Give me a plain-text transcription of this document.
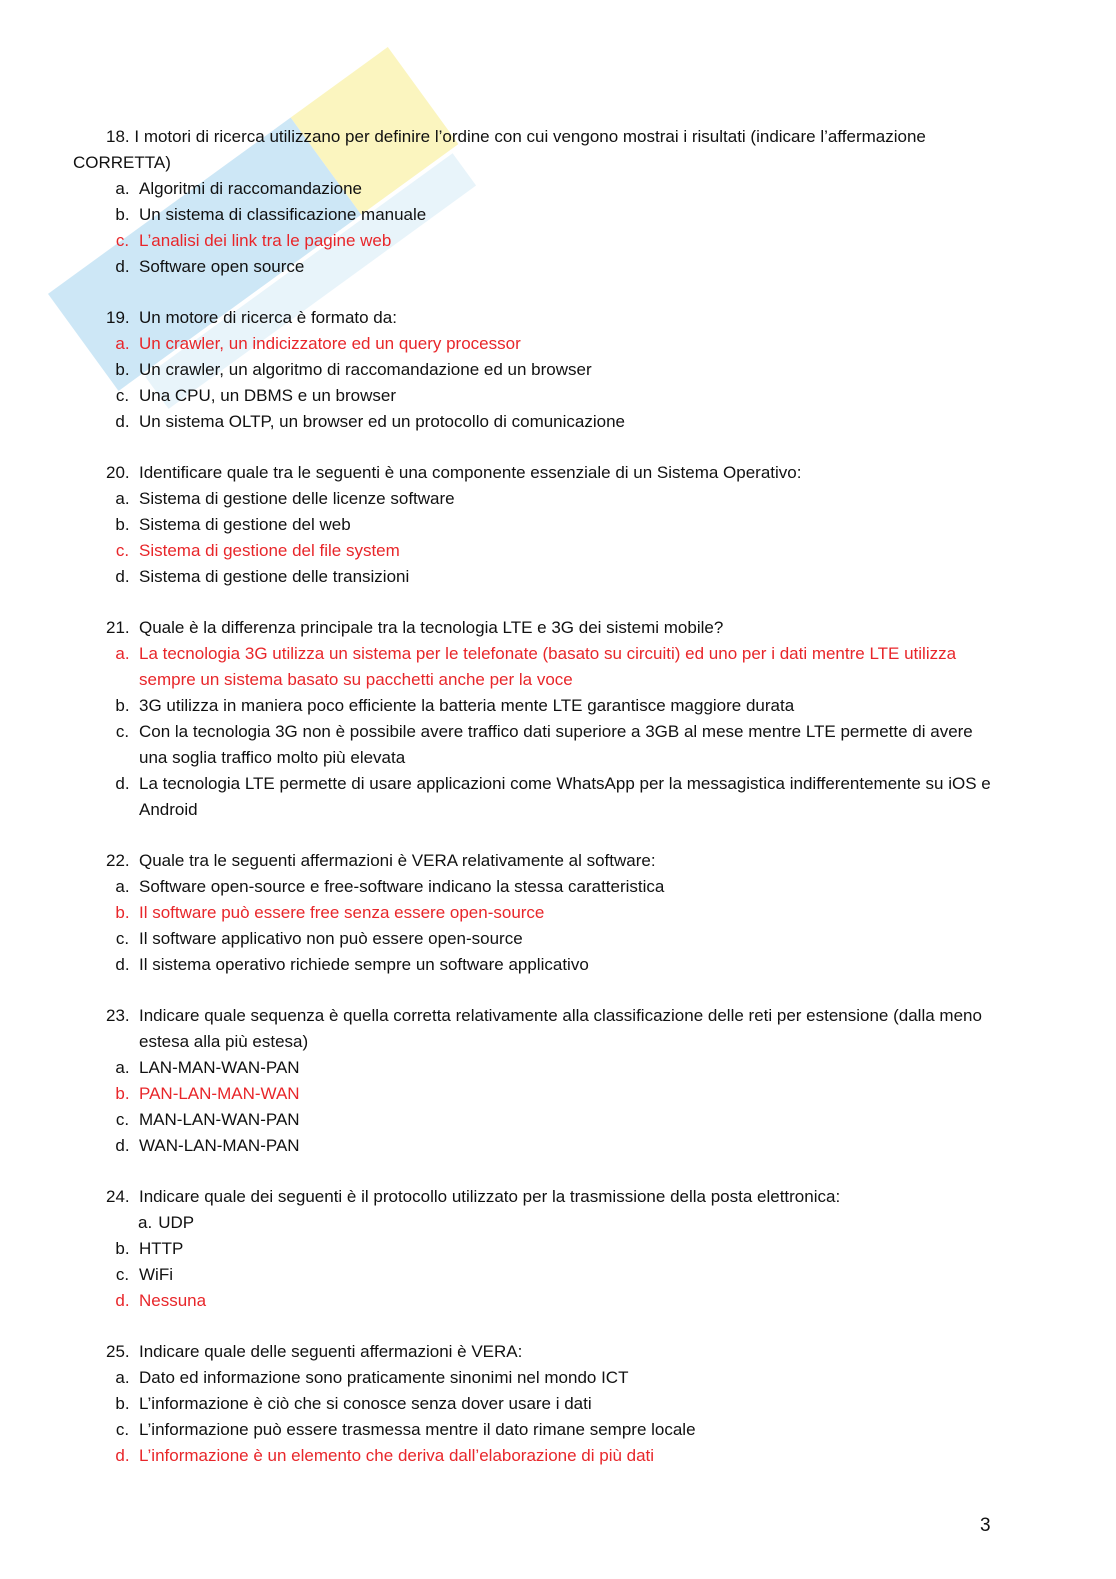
18. I motori di ricerca utilizzano per definire l’ordine con cui vengono mostrai i risultati (indicare l’affermazione CORRETTA)
a. Algoritmi di raccomandazione
b. Un sistema di classificazione manuale
c. L’analisi dei link tra le pagine web
d. Software open source
19. Un motore di ricerca è formato da:
a. Un crawler, un indicizzatore ed un query processor
b. Un crawler, un algoritmo di raccomandazione ed un browser
c. Una CPU, un DBMS e un browser
d. Un sistema OLTP, un browser ed un protocollo di comunicazione
20. Identificare quale tra le seguenti è una componente essenziale di un Sistema Operativo:
a. Sistema di gestione delle licenze software
b. Sistema di gestione del web
c. Sistema di gestione del file system
d. Sistema di gestione delle transizioni
21. Quale è la differenza principale tra la tecnologia LTE e 3G dei sistemi mobile?
a. La tecnologia 3G utilizza un sistema per le telefonate (basato su circuiti) ed uno per i dati mentre LTE utilizza sempre un sistema basato su pacchetti anche per la voce
b. 3G utilizza in maniera poco efficiente la batteria mente LTE garantisce maggiore durata
c. Con la tecnologia 3G non è possibile avere traffico dati superiore a 3GB al mese mentre LTE permette di avere una soglia traffico molto più elevata
d. La tecnologia LTE permette di usare applicazioni come WhatsApp per la messagistica indifferentemente su iOS e Android
22. Quale tra le seguenti affermazioni è VERA relativamente al software:
a. Software open-source e free-software indicano la stessa caratteristica
b. Il software può essere free senza essere open-source
c. Il software applicativo non può essere open-source
d. Il sistema operativo richiede sempre un software applicativo
23. Indicare quale sequenza è quella corretta relativamente alla classificazione delle reti per estensione (dalla meno estesa alla più estesa)
a. LAN-MAN-WAN-PAN
b. PAN-LAN-MAN-WAN
c. MAN-LAN-WAN-PAN
d. WAN-LAN-MAN-PAN
24. Indicare quale dei seguenti è il protocollo utilizzato per la trasmissione della posta elettronica:
a. UDP
b. HTTP
c. WiFi
d. Nessuna
25. Indicare quale delle seguenti affermazioni è VERA:
a. Dato ed informazione sono praticamente sinonimi nel mondo ICT
b. L’informazione è ciò che si conosce senza dover usare i dati
c. L’informazione può essere trasmessa mentre il dato rimane sempre locale
d. L’informazione è un elemento che deriva dall’elaborazione di più dati
3
